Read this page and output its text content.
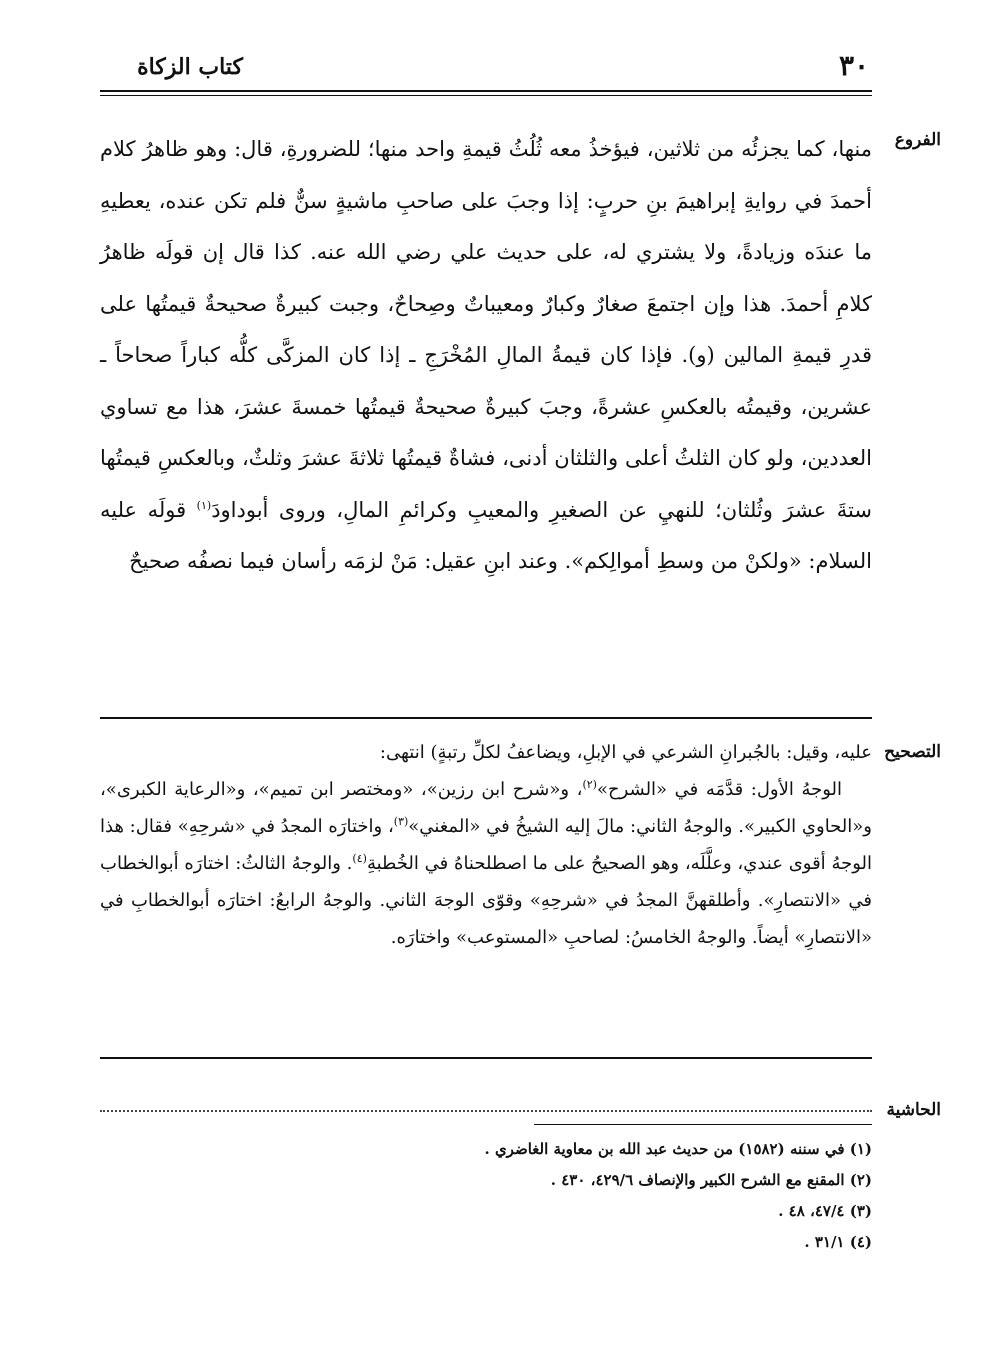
٣٠
كتاب الزكاة
الفروع

منها، كما يجزئُه من ثلاثين، فيؤخذُ معه ثُلُثُ قيمةِ واحد منها؛ للضرورةِ، قال: وهو ظاهرُ كلام أحمدَ في روايةِ إبراهيمَ بنِ حربٍ: إذا وجبَ على صاحبِ ماشيةٍ سنٌّ فلم تكن عنده، يعطيهِ ما عندَه وزيادةً، ولا يشتري له، على حديث علي رضي الله عنه. كذا قال إن قولَه ظاهرُ كلامِ أحمدَ. هذا وإن اجتمعَ صغارٌ وكبارٌ ومعيباتٌ وصِحاحٌ، وجبت كبيرةٌ صحيحةٌ قيمتُها على قدرِ قيمةِ المالين (و). فإذا كان قيمةُ المالِ المُخْرَجِ ـ إذا كان المزكَّى كلُّه كباراً صحاحاً ـ عشرين، وقيمتُه بالعكسِ عشرةً، وجبَ كبيرةٌ صحيحةٌ قيمتُها خمسةَ عشرَ، هذا مع تساوي العددين، ولو كان الثلثُ أعلى والثلثان أدنى، فشاةٌ قيمتُها ثلاثةَ عشرَ وثلثٌ، وبالعكسِ قيمتُها ستةَ عشرَ وثُلثان؛ للنهيِ عن الصغيرِ والمعيبِ وكرائمِ المالِ، وروى أبوداودَ$^{(١)}$ قولَه عليه السلام: «ولكنْ من وسطِ أموالِكم». وعند ابنِ عقيل: مَنْ لزمَه رأسان فيما نصفُه صحيحٌ

التصحيح

عليه، وقيل: بالجُبرانِ الشرعي في الإبلِ، ويضاعفُ لكلِّ رتبةٍ) انتهى:

الوجهُ الأول: قدَّمَه في «الشرح»$^{(٢)}$، و«شرح ابن رزين»، «ومختصر ابن تميم»، و«الرعاية الكبرى»، و«الحاوي الكبير». والوجهُ الثاني: مالَ إليه الشيخُ في «المغني»$^{(٣)}$، واختارَه المجدُ في «شرحِهِ» فقال: هذا الوجهُ أقوى عندي، وعلَّلَه، وهو الصحيحُ على ما اصطلحناهُ في الخُطبةِ$^{(٤)}$. والوجهُ الثالثُ: اختارَه أبوالخطاب في «الانتصارِ». وأطلقهنَّ المجدُ في «شرحِهِ» وقوّى الوجهَ الثاني. والوجهُ الرابعُ: اختارَه أبوالخطابِ في «الانتصارِ» أيضاً. والوجهُ الخامسُ: لصاحبِ «المستوعب» واختارَه.

الحاشية
(١) في سننه (١٥٨٢) من حديث عبد الله بن معاوية الغاضري .
(٢) المقنع مع الشرح الكبير والإنصاف ٤٢٩/٦، ٤٣٠ .
(٣) ٤٧/٤، ٤٨ .
(٤) ٣١/١ .
